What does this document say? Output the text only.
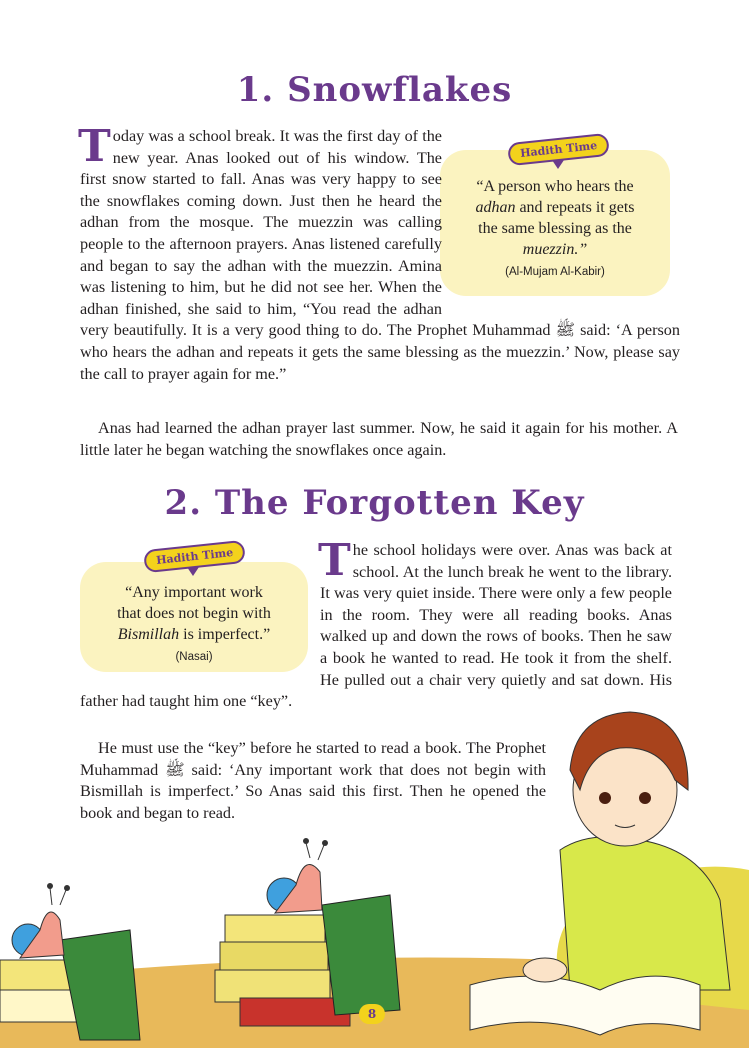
1. Snowflakes

“A person who hears the
adhan and repeats it gets
the same blessing as the
muezzin.”

(Al-Mujam Al-Kabir)
Hadith Time
T oday was a school break. It was the first day of the new year. Anas looked out of his window. The first snow started to fall. Anas was very happy to see the snowflakes coming down. Just then he heard the adhan from the mosque. The muezzin was calling people to the afternoon prayers. Anas listened carefully and began to say the adhan with the muezzin. Amina was listening to him, but he did not see her. When the adhan finished, she said to him, “You read the adhan very beautifully. It is a very good thing to do. The Prophet Muhammad ﷺ said: ‘A person who hears the adhan and repeats it gets the same blessing as the muezzin.’ Now, please say the call to prayer again for me.”

Anas had learned the adhan prayer last summer. Now, he said it again for his mother. A little later he began watching the snowflakes once again.

2. The Forgotten Key

“Any important work
that does not begin with
Bismillah is imperfect.”

(Nasai)
Hadith Time T he school holidays were over. Anas was back at school. At the lunch break he went to the library. It was very quiet inside. There were only a few people in the room. They were all reading books. Anas walked up and down the rows of books. Then he saw a book he wanted to read. He took it from the shelf. He pulled out a chair very quietly and sat down. His father had taught him one “key”.

He must use the “key” before he started to read a book. The Prophet Muhammad ﷺ said: ‘Any important work that does not begin with Bismillah is imperfect.’ So Anas said this first. Then he opened the book and began to read.

8
